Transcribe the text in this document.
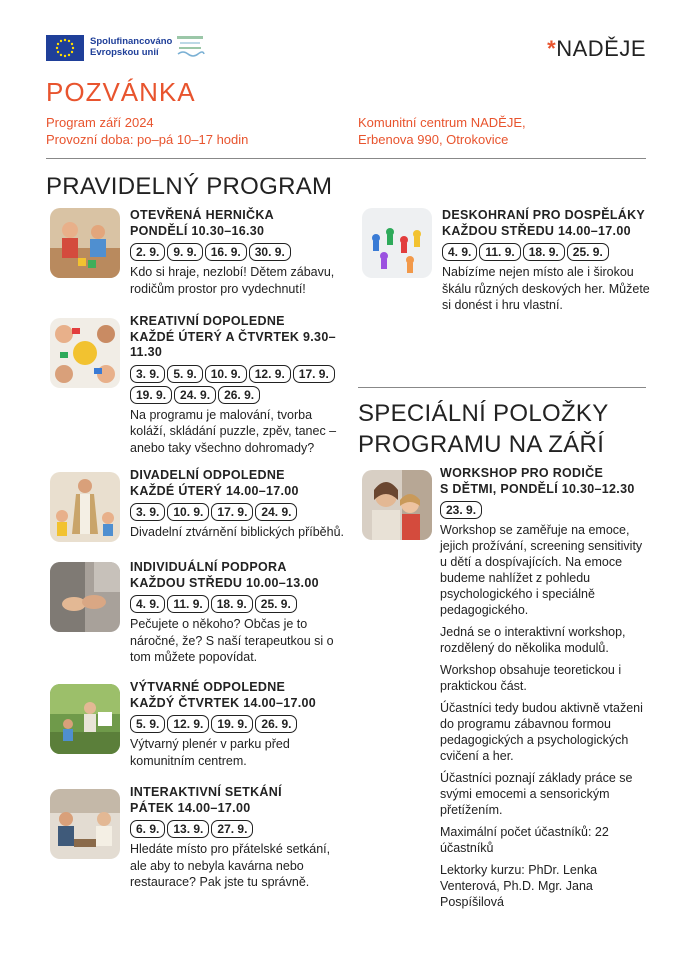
Spolufinancováno
Evropskou unií	*NADĚJE
POZVÁNKA
Program září 2024
Provozní doba: po–pá 10–17 hodin
Komunitní centrum NADĚJE,
Erbenova 990, Otrokovice
PRAVIDELNÝ PROGRAM
OTEVŘENÁ HERNIČKA
PONDĚLÍ 10.30–16.30
2. 9.	9. 9.	16. 9.	30. 9.
Kdo si hraje, nezlobí! Dětem zábavu, rodičům prostor pro vydechnutí!
DESKOHRANÍ PRO DOSPĚLÁKY
KAŽDOU STŘEDU 14.00–17.00
4. 9.	11. 9.	18. 9.	25. 9.
Nabízíme nejen místo ale i širokou škálu různých deskových her. Můžete si donést i hru vlastní.
KREATIVNÍ DOPOLEDNE
KAŽDÉ ÚTERÝ A ČTVRTEK 9.30–11.30
3. 9.	5. 9.	10. 9.	12. 9.	17. 9.
19. 9.	24. 9.	26. 9.
Na programu je malování, tvorba koláží, skládání puzzle, zpěv, tanec – anebo taky všechno dohromady?
DIVADELNÍ ODPOLEDNE
KAŽDÉ ÚTERÝ 14.00–17.00
3. 9.	10. 9.	17. 9.	24. 9.
Divadelní ztvárnění biblických příběhů.
INDIVIDUÁLNÍ PODPORA
KAŽDOU STŘEDU 10.00–13.00
4. 9.	11. 9.	18. 9.	25. 9.
Pečujete o někoho? Občas je to náročné, že? S naší terapeutkou si o tom můžete popovídat.
VÝTVARNÉ ODPOLEDNE
KAŽDÝ ČTVRTEK 14.00–17.00
5. 9.	12. 9.	19. 9.	26. 9.
Výtvarný plenér v parku před komunitním centrem.
INTERAKTIVNÍ SETKÁNÍ
PÁTEK 14.00–17.00
6. 9.	13. 9.	27. 9.
Hledáte místo pro přátelské setkání, ale aby to nebyla kavárna nebo restaurace? Pak jste tu správně.
SPECIÁLNÍ POLOŽKY
PROGRAMU NA ZÁŘÍ
WORKSHOP PRO RODIČE
S DĚTMI, PONDĚLÍ 10.30–12.30
23. 9.
Workshop se zaměřuje na emoce, jejich prožívání, screening sensitivity u dětí a dospívajících. Na emoce budeme nahlížet z pohledu psychologického i speciálně pedagogického.
Jedná se o interaktivní workshop, rozdělený do několika modulů.
Workshop obsahuje teoretickou i praktickou část.
Účastníci tedy budou aktivně vtaženi do programu zábavnou formou pedagogických a psychologických cvičení a her.
Účastníci poznají základy práce se svými emocemi a sensorickým přetížením.
Maximální počet účastníků: 22 účastníků
Lektorky kurzu: PhDr. Lenka Venterová, Ph.D. Mgr. Jana Pospíšilová
